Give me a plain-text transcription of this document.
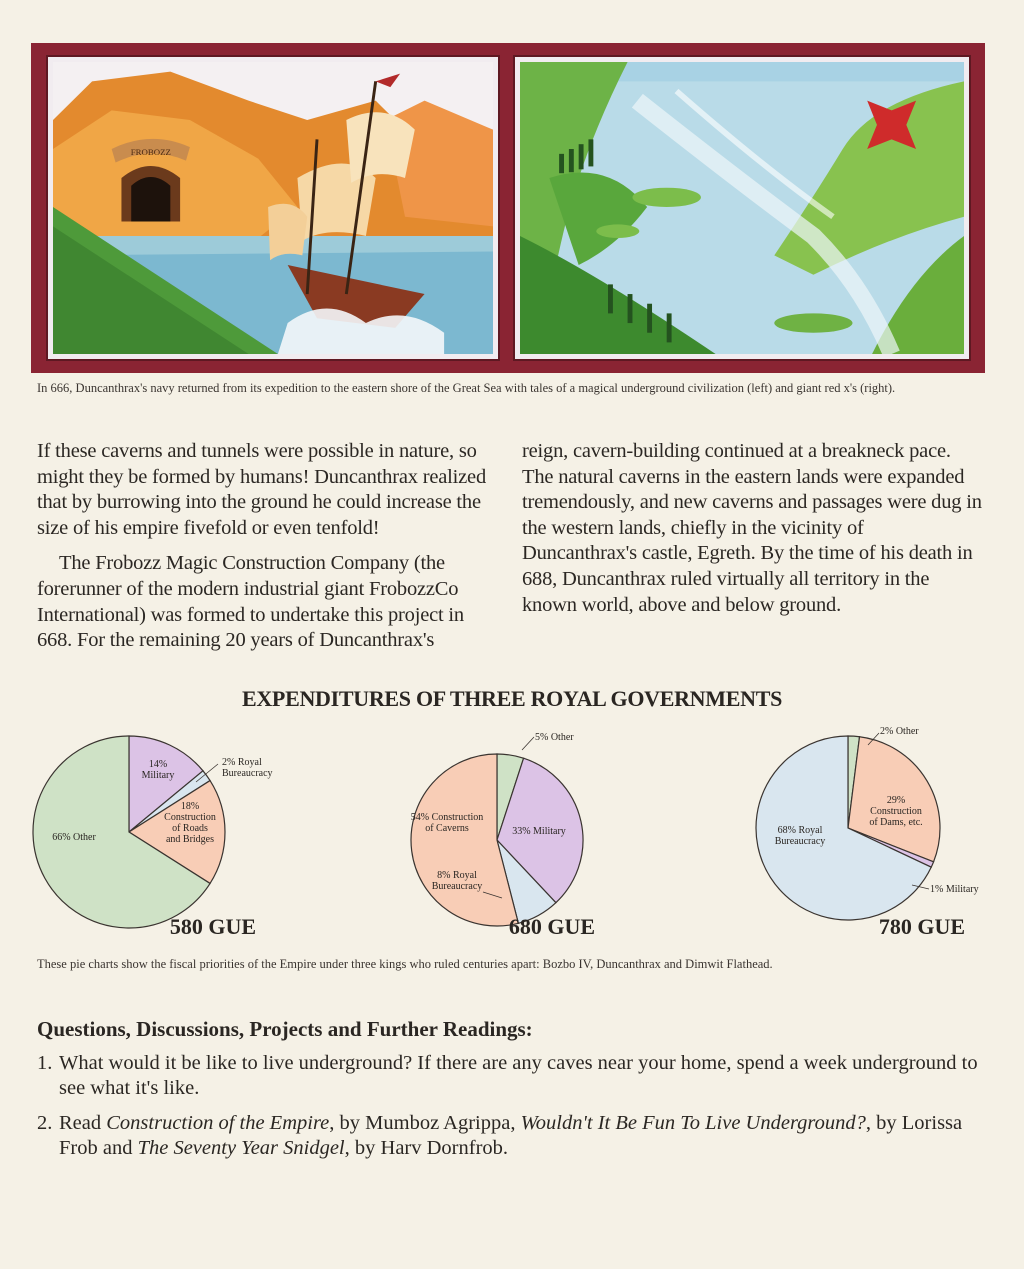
FROBOZZ
In 666, Duncanthrax's navy returned from its expedition to the eastern shore of the Great Sea with tales of a magical underground civilization (left) and giant red x's (right).

If these caverns and tunnels were possible in nature, so might they be formed by humans! Duncanthrax realized that by burrowing into the ground he could increase the size of his empire fivefold or even tenfold!

The Frobozz Magic Construction Company (the forerunner of the modern industrial giant FrobozzCo International) was formed to undertake this project in 668. For the remaining 20 years of Duncanthrax's

reign, cavern-building continued at a breakneck pace. The natural caverns in the eastern lands were expanded tremendously, and new caverns and passages were dug in the western lands, chiefly in the vicinity of Duncanthrax's castle, Egreth. By the time of his death in 688, Duncanthrax ruled virtually all territory in the known world, above and below ground.

EXPENDITURES OF THREE ROYAL GOVERNMENTS
14% Military
2% Royal Bureaucracy
18% Construction of Roads and Bridges
66% Other
580 GUE
5% Other
33% Military
8% Royal Bureaucracy
54% Construction of Caverns
680 GUE
2% Other
29% Construction of Dams, etc.
1% Military
68% Royal Bureaucracy
780 GUE
These pie charts show the fiscal priorities of the Empire under three kings who ruled centuries apart: Bozbo IV, Duncanthrax and Dimwit Flathead.
Questions, Discussions, Projects and Further Readings:
1. What would it be like to live underground? If there are any caves near your home, spend a week underground to see what it's like.
2. Read Construction of the Empire, by Mumboz Agrippa, Wouldn't It Be Fun To Live Underground?, by Lorissa Frob and The Seventy Year Snidgel, by Harv Dornfrob.
